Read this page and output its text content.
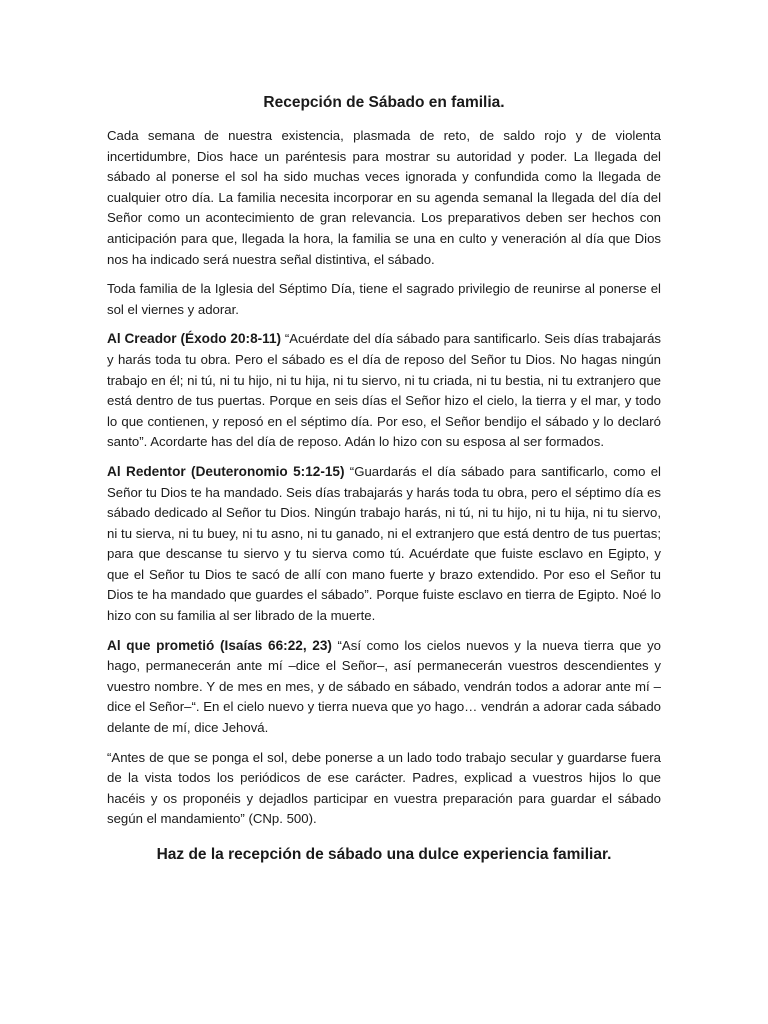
Recepción de Sábado en familia.

Cada semana de nuestra existencia, plasmada de reto, de saldo rojo y de violenta incertidumbre, Dios hace un paréntesis para mostrar su autoridad y poder. La llegada del sábado al ponerse el sol ha sido muchas veces ignorada y confundida como la llegada de cualquier otro día. La familia necesita incorporar en su agenda semanal la llegada del día del Señor como un acontecimiento de gran relevancia. Los preparativos deben ser hechos con anticipación para que, llegada la hora, la familia se una en culto y veneración al día que Dios nos ha indicado será nuestra señal distintiva, el sábado.

Toda familia de la Iglesia del Séptimo Día, tiene el sagrado privilegio de reunirse al ponerse el sol el viernes y adorar.

Al Creador (Éxodo 20:8-11) “Acuérdate del día sábado para santificarlo. Seis días trabajarás y harás toda tu obra. Pero el sábado es el día de reposo del Señor tu Dios. No hagas ningún trabajo en él; ni tú, ni tu hijo, ni tu hija, ni tu siervo, ni tu criada, ni tu bestia, ni tu extranjero que está dentro de tus puertas. Porque en seis días el Señor hizo el cielo, la tierra y el mar, y todo lo que contienen, y reposó en el séptimo día. Por eso, el Señor bendijo el sábado y lo declaró santo”. Acordarte has del día de reposo. Adán lo hizo con su esposa al ser formados.

Al Redentor (Deuteronomio 5:12-15) “Guardarás el día sábado para santificarlo, como el Señor tu Dios te ha mandado. Seis días trabajarás y harás toda tu obra, pero el séptimo día es sábado dedicado al Señor tu Dios. Ningún trabajo harás, ni tú, ni tu hijo, ni tu hija, ni tu siervo, ni tu sierva, ni tu buey, ni tu asno, ni tu ganado, ni el extranjero que está dentro de tus puertas; para que descanse tu siervo y tu sierva como tú. Acuérdate que fuiste esclavo en Egipto, y que el Señor tu Dios te sacó de allí con mano fuerte y brazo extendido. Por eso el Señor tu Dios te ha mandado que guardes el sábado”. Porque fuiste esclavo en tierra de Egipto. Noé lo hizo con su familia al ser librado de la muerte.

Al que prometió (Isaías 66:22, 23) “Así como los cielos nuevos y la nueva tierra que yo hago, permanecerán ante mí –dice el Señor–, así permanecerán vuestros descendientes y vuestro nombre. Y de mes en mes, y de sábado en sábado, vendrán todos a adorar ante mí –dice el Señor–“. En el cielo nuevo y tierra nueva que yo hago… vendrán a adorar cada sábado delante de mí, dice Jehová.

“Antes de que se ponga el sol, debe ponerse a un lado todo trabajo secular y guardarse fuera de la vista todos los periódicos de ese carácter. Padres, explicad a vuestros hijos lo que hacéis y os proponéis y dejadlos participar en vuestra preparación para guardar el sábado según el mandamiento” (CNp. 500).

Haz de la recepción de sábado una dulce experiencia familiar.
